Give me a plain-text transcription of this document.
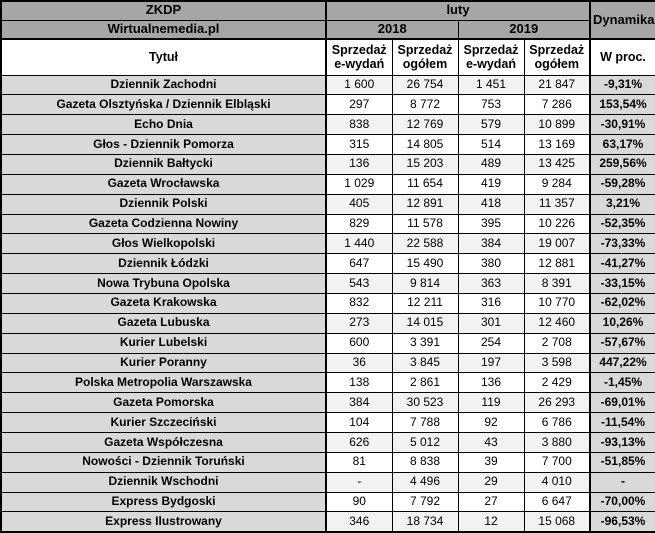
ZKDP	luty				Dynamika
Wirtualnemedia.pl	2018		2019		
Tytuł	Sprzedaż e-wydań	Sprzedaż ogółem	Sprzedaż e-wydań	Sprzedaż ogółem	W proc.
Dziennik Zachodni	1 600	26 754	1 451	21 847	-9,31%
Gazeta Olsztyńska / Dziennik Elbląski	297	8 772	753	7 286	153,54%
Echo Dnia	838	12 769	579	10 899	-30,91%
Głos - Dziennik Pomorza	315	14 805	514	13 169	63,17%
Dziennik Bałtycki	136	15 203	489	13 425	259,56%
Gazeta Wrocławska	1 029	11 654	419	9 284	-59,28%
Dziennik Polski	405	12 891	418	11 357	3,21%
Gazeta Codzienna Nowiny	829	11 578	395	10 226	-52,35%
Głos Wielkopolski	1 440	22 588	384	19 007	-73,33%
Dziennik Łódzki	647	15 490	380	12 881	-41,27%
Nowa Trybuna Opolska	543	9 814	363	8 391	-33,15%
Gazeta Krakowska	832	12 211	316	10 770	-62,02%
Gazeta Lubuska	273	14 015	301	12 460	10,26%
Kurier Lubelski	600	3 391	254	2 708	-57,67%
Kurier Poranny	36	3 845	197	3 598	447,22%
Polska Metropolia Warszawska	138	2 861	136	2 429	-1,45%
Gazeta Pomorska	384	30 523	119	26 293	-69,01%
Kurier Szczeciński	104	7 788	92	6 786	-11,54%
Gazeta Współczesna	626	5 012	43	3 880	-93,13%
Nowości - Dziennik Toruński	81	8 838	39	7 700	-51,85%
Dziennik Wschodni	-	4 496	29	4 010	-
Express Bydgoski	90	7 792	27	6 647	-70,00%
Express Ilustrowany	346	18 734	12	15 068	-96,53%
